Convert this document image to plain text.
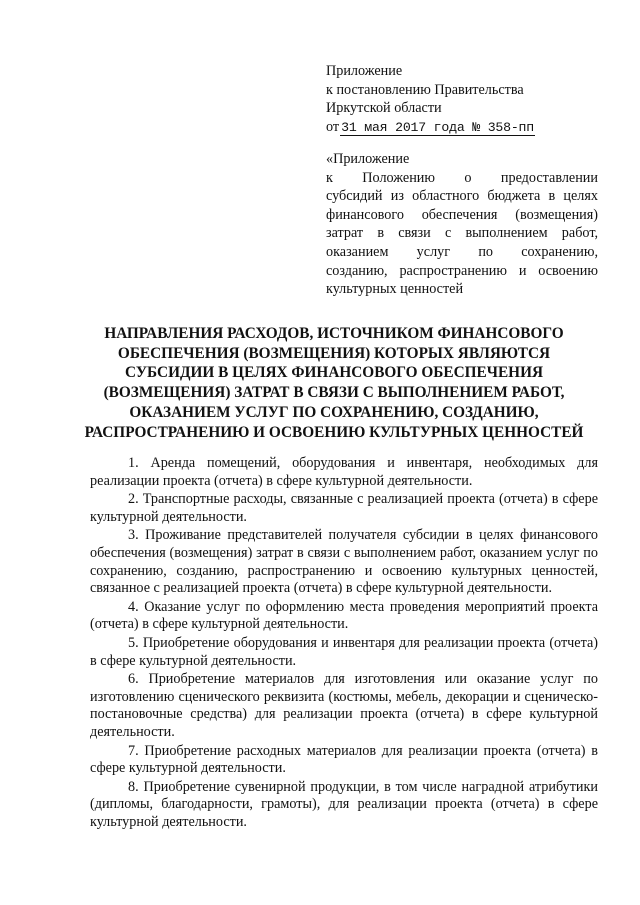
Приложение
к постановлению Правительства
Иркутской области
от 31 мая 2017 года № 358-пп
«Приложение
к Положению о предоставлении
субсидий из областного бюджета в целях
финансового обеспечения (возмещения)
затрат в связи с выполнением работ,
оказанием услуг по сохранению,
созданию, распространению и освоению
культурных ценностей
НАПРАВЛЕНИЯ РАСХОДОВ, ИСТОЧНИКОМ ФИНАНСОВОГО
ОБЕСПЕЧЕНИЯ (ВОЗМЕЩЕНИЯ) КОТОРЫХ ЯВЛЯЮТСЯ
СУБСИДИИ В ЦЕЛЯХ ФИНАНСОВОГО ОБЕСПЕЧЕНИЯ
(ВОЗМЕЩЕНИЯ) ЗАТРАТ В СВЯЗИ С ВЫПОЛНЕНИЕМ РАБОТ,
ОКАЗАНИЕМ УСЛУГ ПО СОХРАНЕНИЮ, СОЗДАНИЮ,
РАСПРОСТРАНЕНИЮ И ОСВОЕНИЮ КУЛЬТУРНЫХ ЦЕННОСТЕЙ

1. Аренда помещений, оборудования и инвентаря, необходимых для реализации проекта (отчета) в сфере культурной деятельности.

2. Транспортные расходы, связанные с реализацией проекта (отчета) в сфере культурной деятельности.

3. Проживание представителей получателя субсидии в целях финансового обеспечения (возмещения) затрат в связи с выполнением работ, оказанием услуг по сохранению, созданию, распространению и освоению культурных ценностей, связанное с реализацией проекта (отчета) в сфере культурной деятельности.

4. Оказание услуг по оформлению места проведения мероприятий проекта (отчета) в сфере культурной деятельности.

5. Приобретение оборудования и инвентаря для реализации проекта (отчета) в сфере культурной деятельности.

6. Приобретение материалов для изготовления или оказание услуг по изготовлению сценического реквизита (костюмы, мебель, декорации и сценическо-постановочные средства) для реализации проекта (отчета) в сфере культурной деятельности.

7. Приобретение расходных материалов для реализации проекта (отчета) в сфере культурной деятельности.

8. Приобретение сувенирной продукции, в том числе наградной атрибутики (дипломы, благодарности, грамоты), для реализации проекта (отчета) в сфере культурной деятельности.
